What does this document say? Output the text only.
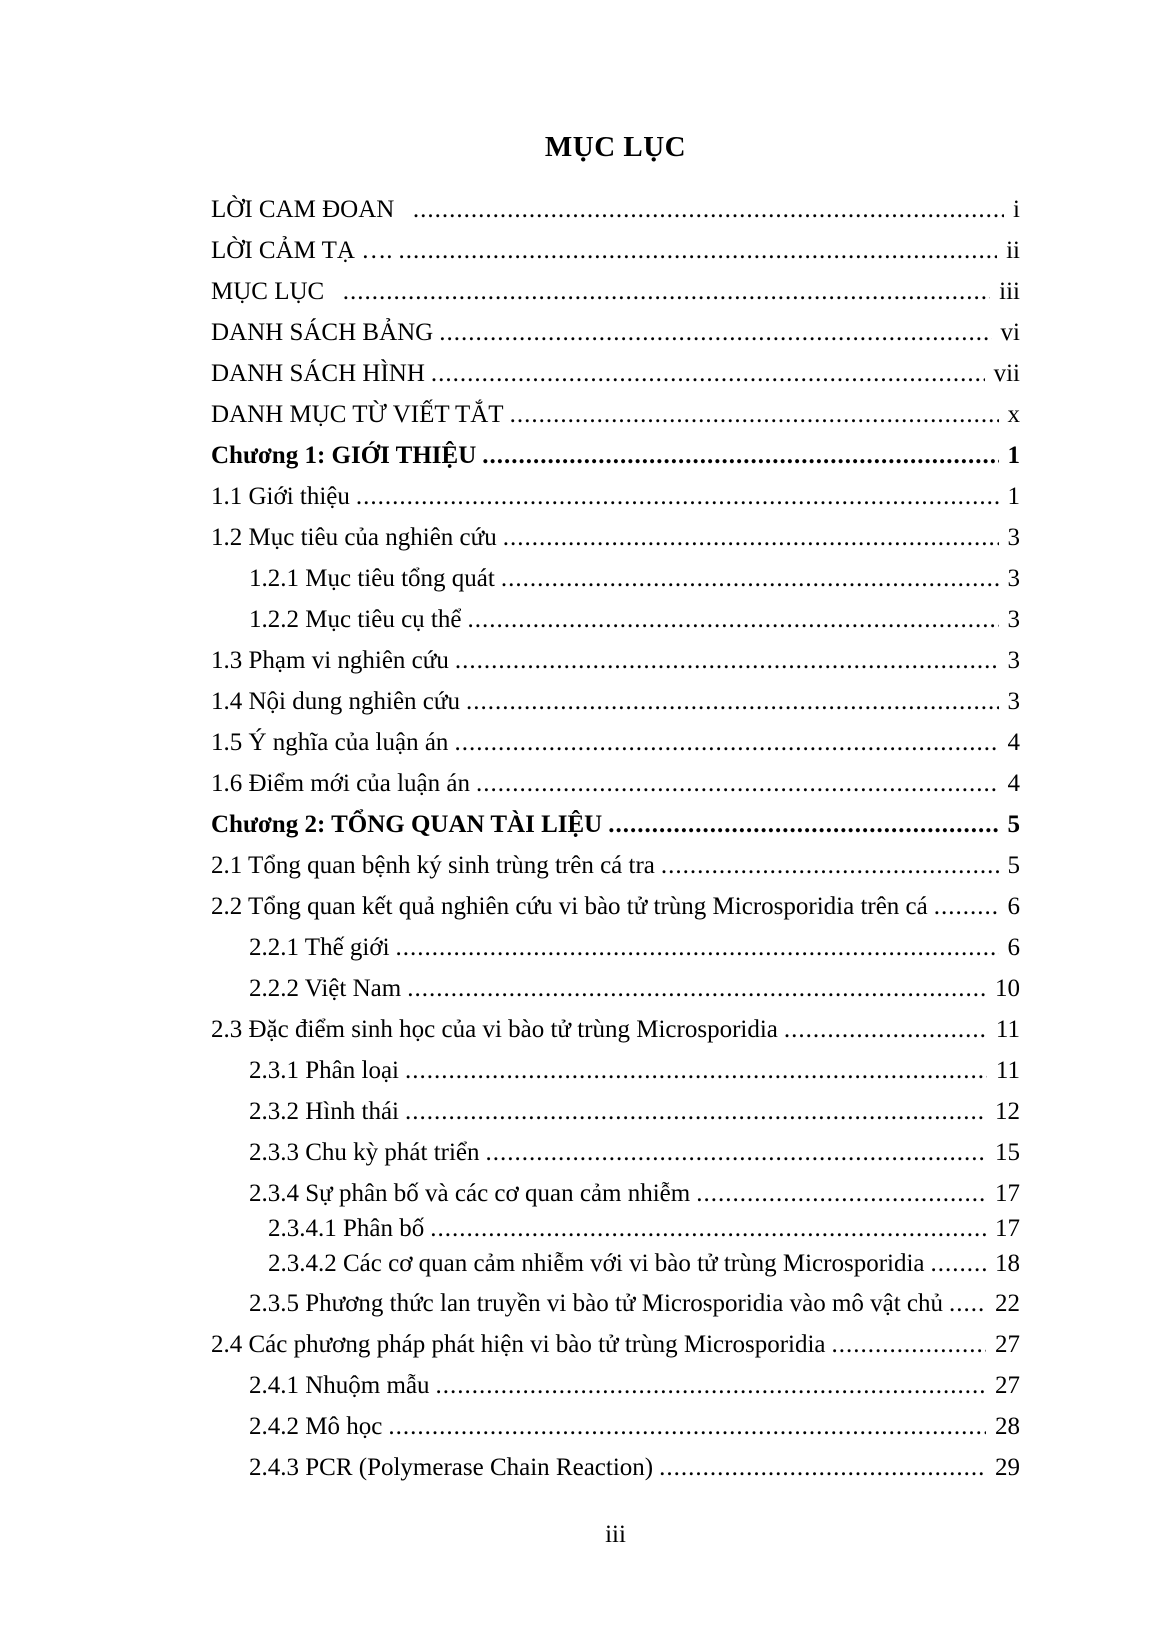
MỤC LỤC
LỜI CAM ĐOAN .....	i
LỜI CẢM TẠ …. .....	ii
MỤC LỤC .....	iii
DANH SÁCH BẢNG .....	vi
DANH SÁCH HÌNH .....	vii
DANH MỤC TỪ VIẾT TẮT .....	x
Chương 1: GIỚI THIỆU .....	1
1.1 Giới thiệu .....	1
1.2 Mục tiêu của nghiên cứu .....	3
1.2.1 Mục tiêu tổng quát .....	3
1.2.2 Mục tiêu cụ thể .....	3
1.3 Phạm vi nghiên cứu .....	3
1.4 Nội dung nghiên cứu .....	3
1.5 Ý nghĩa của luận án .....	4
1.6 Điểm mới của luận án .....	4
Chương 2: TỔNG QUAN TÀI LIỆU .....	5
2.1 Tổng quan bệnh ký sinh trùng trên cá tra .....	5
2.2 Tổng quan kết quả nghiên cứu vi bào tử trùng Microsporidia trên cá .....	6
2.2.1 Thế giới .....	6
2.2.2 Việt Nam .....	10
2.3 Đặc điểm sinh học của vi bào tử trùng Microsporidia .....	11
2.3.1 Phân loại .....	11
2.3.2 Hình thái .....	12
2.3.3 Chu kỳ phát triển .....	15
2.3.4 Sự phân bố và các cơ quan cảm nhiễm .....	17
2.3.4.1 Phân bố .....	17
2.3.4.2 Các cơ quan cảm nhiễm với vi bào tử trùng Microsporidia .....	18
2.3.5 Phương thức lan truyền vi bào tử Microsporidia vào mô vật chủ .....	22
2.4 Các phương pháp phát hiện vi bào tử trùng Microsporidia .....	27
2.4.1 Nhuộm mẫu .....	27
2.4.2 Mô học .....	28
2.4.3 PCR (Polymerase Chain Reaction) .....	29
iii
